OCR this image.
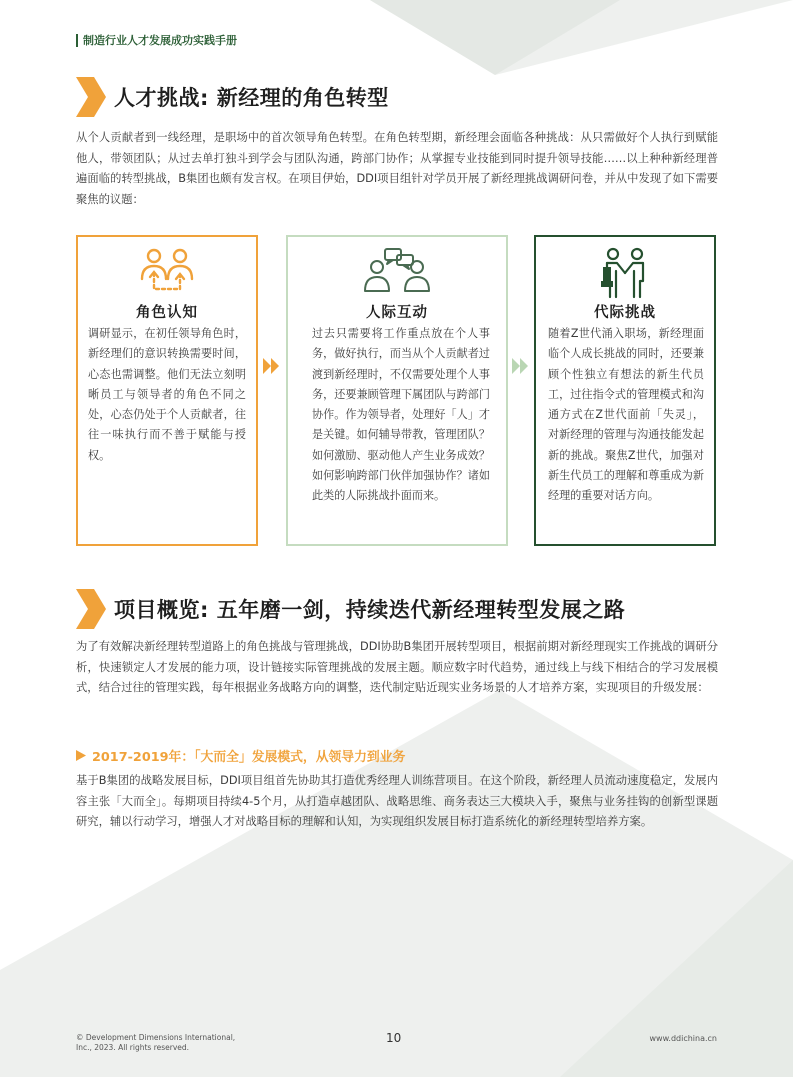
制造行业人才发展成功实践手册
人才挑战: 新经理的角色转型

从个人贡献者到一线经理，是职场中的首次领导角色转型。在角色转型期，新经理会面临各种挑战：从只需做好个人执行到赋能他人，带领团队；从过去单打独斗到学会与团队沟通，跨部门协作；从掌握专业技能到同时提升领导技能……以上种种新经理普遍面临的转型挑战，B集团也颇有发言权。在项目伊始，DDI项目组针对学员开展了新经理挑战调研问卷，并从中发现了如下需要聚焦的议题：

角色认知

调研显示，在初任领导角色时，新经理们的意识转换需要时间，心态也需调整。他们无法立刻明晰员工与领导者的角色不同之处，心态仍处于个人贡献者，往往一味执行而不善于赋能与授权。

人际互动

过去只需要将工作重点放在个人事务，做好执行，而当从个人贡献者过渡到新经理时，不仅需要处理个人事务，还要兼顾管理下属团队与跨部门协作。作为领导者，处理好「人」才是关键。如何辅导带教，管理团队？如何激励、驱动他人产生业务成效？ 如何影响跨部门伙伴加强协作？诸如此类的人际挑战扑面而来。

代际挑战

随着Z世代涌入职场，新经理面临个人成长挑战的同时，还要兼顾个性独立有想法的新生代员工，过往指令式的管理模式和沟通方式在Z世代面前「失灵」，对新经理的管理与沟通技能发起新的挑战。聚焦Z世代，加强对新生代员工的理解和尊重成为新经理的重要对话方向。

项目概览: 五年磨一剑，持续迭代新经理转型发展之路

为了有效解决新经理转型道路上的角色挑战与管理挑战，DDI协助B集团开展转型项目，根据前期对新经理现实工作挑战的调研分析，快速锁定人才发展的能力项，设计链接实际管理挑战的发展主题。顺应数字时代趋势，通过线上与线下相结合的学习发展模式，结合过往的管理实践，每年根据业务战略方向的调整，迭代制定贴近现实业务场景的人才培养方案，实现项目的升级发展：

2017-2019年：「大而全」发展模式，从领导力到业务

基于B集团的战略发展目标，DDI项目组首先协助其打造优秀经理人训练营项目。在这个阶段，新经理人员流动速度稳定，发展内容主张「大而全」。每期项目持续4-5个月，从打造卓越团队、战略思维、商务表达三大模块入手，聚焦与业务挂钩的创新型课题研究，辅以行动学习，增强人才对战略目标的理解和认知，为实现组织发展目标打造系统化的新经理转型培养方案。

© Development Dimensions International,
Inc., 2023. All rights reserved.
10	www.ddichina.cn
